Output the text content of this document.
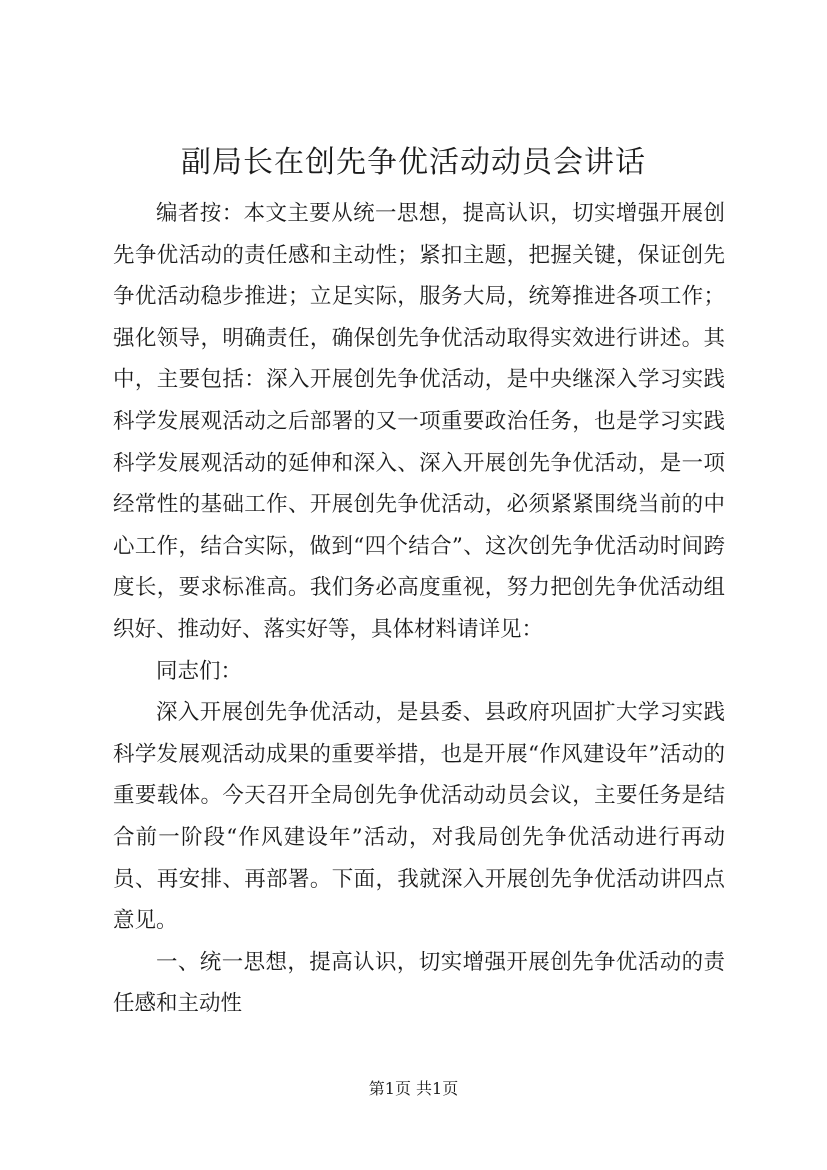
副局长在创先争优活动动员会讲话

编者按：本文主要从统一思想，提高认识，切实增强开展创先争优活动的责任感和主动性；紧扣主题，把握关键，保证创先争优活动稳步推进；立足实际，服务大局，统筹推进各项工作；强化领导，明确责任，确保创先争优活动取得实效进行讲述。其中，主要包括：深入开展创先争优活动，是中央继深入学习实践科学发展观活动之后部署的又一项重要政治任务，也是学习实践科学发展观活动的延伸和深入、深入开展创先争优活动，是一项经常性的基础工作、开展创先争优活动，必须紧紧围绕当前的中心工作，结合实际，做到“四个结合”、这次创先争优活动时间跨度长，要求标准高。我们务必高度重视，努力把创先争优活动组织好、推动好、落实好等，具体材料请详见：

同志们：

深入开展创先争优活动，是县委、县政府巩固扩大学习实践科学发展观活动成果的重要举措，也是开展“作风建设年”活动的重要载体。今天召开全局创先争优活动动员会议，主要任务是结合前一阶段“作风建设年”活动，对我局创先争优活动进行再动员、再安排、再部署。下面，我就深入开展创先争优活动讲四点意见。

一、统一思想，提高认识，切实增强开展创先争优活动的责任感和主动性

第1页 共1页
